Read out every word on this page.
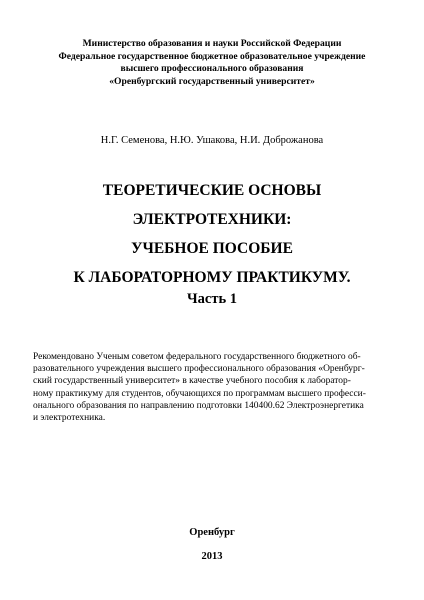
Министерство образования и науки Российской Федерации
Федеральное государственное бюджетное образовательное учреждение
высшего профессионального образования
«Оренбургский государственный университет»
Н.Г. Семенова, Н.Ю. Ушакова, Н.И. Доброжанова
ТЕОРЕТИЧЕСКИЕ ОСНОВЫ
ЭЛЕКТРОТЕХНИКИ:
УЧЕБНОЕ ПОСОБИЕ
К ЛАБОРАТОРНОМУ ПРАКТИКУМУ.
Часть 1
Рекомендовано Ученым советом федерального государственного бюджетного об-
разовательного учреждения высшего профессионального образования «Оренбург-
ский государственный университет» в качестве учебного пособия к лаборатор-
ному практикуму для студентов, обучающихся по программам высшего професси-
онального образования по направлению подготовки 140400.62 Электроэнергетика
и электротехника.
Оренбург
2013
